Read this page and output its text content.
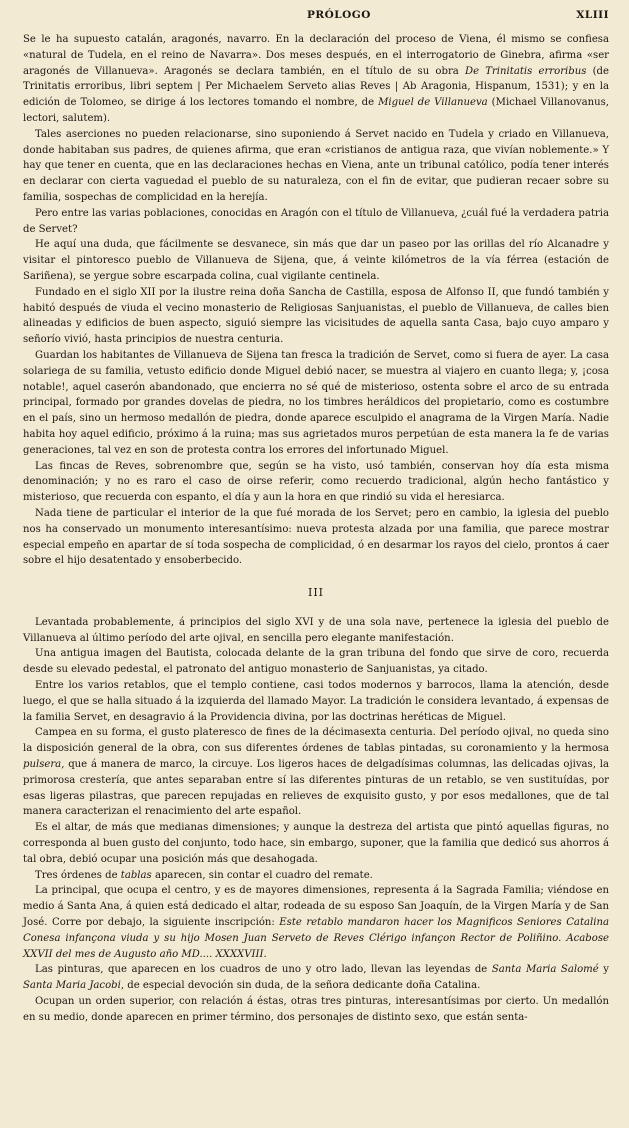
PRÓLOGO	XLIII

Se le ha supuesto catalán, aragonés, navarro. En la declaración del proceso de Viena, él mismo se confiesa «natural de Tudela, en el reino de Navarra». Dos meses después, en el interrogatorio de Ginebra, afirma «ser aragonés de Villanueva». Aragonés se declara también, en el título de su obra De Trinitatis erroribus (de Trinitatis erroribus, libri septem | Per Michaelem Serveto alias Reves | Ab Aragonia, Hispanum, 1531); y en la edición de Tolomeo, se dirige á los lectores tomando el nombre, de Miguel de Villanueva (Michael Villanovanus, lectori, salutem).

Tales aserciones no pueden relacionarse, sino suponiendo á Servet nacido en Tudela y criado en Villanueva, donde habitaban sus padres, de quienes afirma, que eran «cristianos de antigua raza, que vivían noblemente.» Y hay que tener en cuenta, que en las declaraciones hechas en Viena, ante un tribunal católico, podía tener interés en declarar con cierta vaguedad el pueblo de su naturaleza, con el fin de evitar, que pudieran recaer sobre su familia, sospechas de complicidad en la herejía.

Pero entre las varias poblaciones, conocidas en Aragón con el título de Villanueva, ¿cuál fué la verdadera patria de Servet?

He aquí una duda, que fácilmente se desvanece, sin más que dar un paseo por las orillas del río Alcanadre y visitar el pintoresco pueblo de Villanueva de Sijena, que, á veinte kilómetros de la vía férrea (estación de Sariñena), se yergue sobre escarpada colina, cual vigilante centinela.

Fundado en el siglo XII por la ilustre reina doña Sancha de Castilla, esposa de Alfonso II, que fundó también y habitó después de viuda el vecino monasterio de Religiosas Sanjuanistas, el pueblo de Villanueva, de calles bien alineadas y edificios de buen aspecto, siguió siempre las vicisitudes de aquella santa Casa, bajo cuyo amparo y señorío vivió, hasta principios de nuestra centuria.

Guardan los habitantes de Villanueva de Sijena tan fresca la tradición de Servet, como si fuera de ayer. La casa solariega de su familia, vetusto edificio donde Miguel debió nacer, se muestra al viajero en cuanto llega; y, ¡cosa notable!, aquel caserón abandonado, que encierra no sé qué de misterioso, ostenta sobre el arco de su entrada principal, formado por grandes dovelas de piedra, no los timbres heráldicos del propietario, como es costumbre en el país, sino un hermoso medallón de piedra, donde aparece esculpido el anagrama de la Virgen María. Nadie habita hoy aquel edificio, próximo á la ruina; mas sus agrietados muros perpetúan de esta manera la fe de varias generaciones, tal vez en son de protesta contra los errores del infortunado Miguel.

Las fincas de Reves, sobrenombre que, según se ha visto, usó también, conservan hoy día esta misma denominación; y no es raro el caso de oirse referir, como recuerdo tradicional, algún hecho fantástico y misterioso, que recuerda con espanto, el día y aun la hora en que rindió su vida el heresiarca.

Nada tiene de particular el interior de la que fué morada de los Servet; pero en cambio, la iglesia del pueblo nos ha conservado un monumento interesantísimo: nueva protesta alzada por una familia, que parece mostrar especial empeño en apartar de sí toda sospecha de complicidad, ó en desarmar los rayos del cielo, prontos á caer sobre el hijo desatentado y ensoberbecido.

III

Levantada probablemente, á principios del siglo XVI y de una sola nave, pertenece la iglesia del pueblo de Villanueva al último período del arte ojival, en sencilla pero elegante manifestación.

Una antigua imagen del Bautista, colocada delante de la gran tribuna del fondo que sirve de coro, recuerda desde su elevado pedestal, el patronato del antiguo monasterio de Sanjuanistas, ya citado.

Entre los varios retablos, que el templo contiene, casi todos modernos y barrocos, llama la atención, desde luego, el que se halla situado á la izquierda del llamado Mayor. La tradición le considera levantado, á expensas de la familia Servet, en desagravio á la Providencia divina, por las doctrinas heréticas de Miguel.

Campea en su forma, el gusto plateresco de fines de la décimasexta centuria. Del período ojival, no queda sino la disposición general de la obra, con sus diferentes órdenes de tablas pintadas, su coronamiento y la hermosa pulsera, que á manera de marco, la circuye. Los ligeros haces de delgadísimas columnas, las delicadas ojivas, la primorosa crestería, que antes separaban entre sí las diferentes pinturas de un retablo, se ven sustituídas, por esas ligeras pilastras, que parecen repujadas en relieves de exquisito gusto, y por esos medallones, que de tal manera caracterizan el renacimiento del arte español.

Es el altar, de más que medianas dimensiones; y aunque la destreza del artista que pintó aquellas figuras, no corresponda al buen gusto del conjunto, todo hace, sin embargo, suponer, que la familia que dedicó sus ahorros á tal obra, debió ocupar una posición más que desahogada.

Tres órdenes de tablas aparecen, sin contar el cuadro del remate.

La principal, que ocupa el centro, y es de mayores dimensiones, representa á la Sagrada Familia; viéndose en medio á Santa Ana, á quien está dedicado el altar, rodeada de su esposo San Joaquín, de la Virgen María y de San José. Corre por debajo, la siguiente inscripción: Este retablo mandaron hacer los Magnificos Seniores Catalina Conesa infançona viuda y su hijo Mosen Juan Serveto de Reves Clérigo infançon Rector de Poliñino. Acabose XXVII del mes de Augusto año MD.... XXXXVIII.

Las pinturas, que aparecen en los cuadros de uno y otro lado, llevan las leyendas de Santa Maria Salomé y Santa Maria Jacobi, de especial devoción sin duda, de la señora dedicante doña Catalina.

Ocupan un orden superior, con relación á éstas, otras tres pinturas, interesantísimas por cierto. Un medallón en su medio, donde aparecen en primer término, dos personajes de distinto sexo, que están senta-
